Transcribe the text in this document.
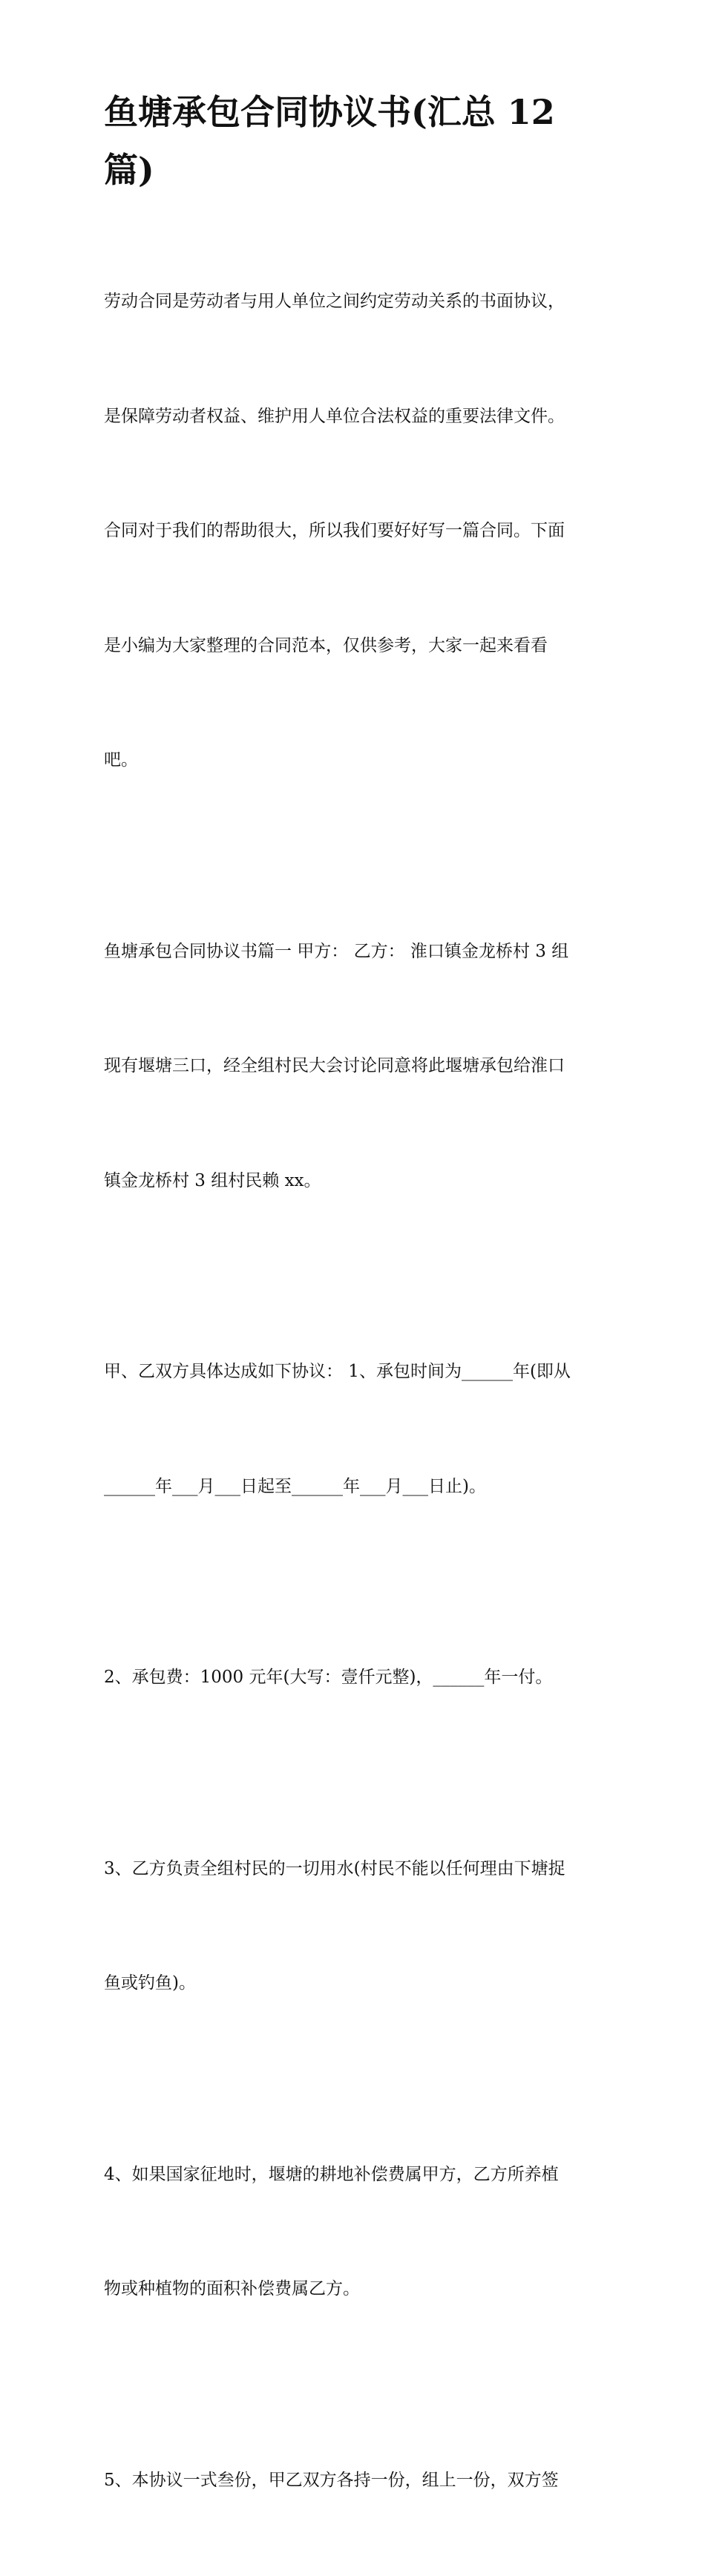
鱼塘承包合同协议书(汇总 12
篇)

劳动合同是劳动者与用人单位之间约定劳动关系的书面协议，

是保障劳动者权益、维护用人单位合法权益的重要法律文件。

合同对于我们的帮助很大，所以我们要好好写一篇合同。下面

是小编为大家整理的合同范本，仅供参考，大家一起来看看

吧。

鱼塘承包合同协议书篇一 甲方： 乙方： 淮口镇金龙桥村 3 组

现有堰塘三口，经全组村民大会讨论同意将此堰塘承包给淮口

镇金龙桥村 3 组村民赖 xx。

甲、乙双方具体达成如下协议： 1、承包时间为______年(即从

______年___月___日起至______年___月___日止)。

2、承包费：1000 元年(大写：壹仟元整)，______年一付。

3、乙方负责全组村民的一切用水(村民不能以任何理由下塘捉

鱼或钓鱼)。

4、如果国家征地时，堰塘的耕地补偿费属甲方，乙方所养植

物或种植物的面积补偿费属乙方。

5、本协议一式叁份，甲乙双方各持一份，组上一份，双方签
